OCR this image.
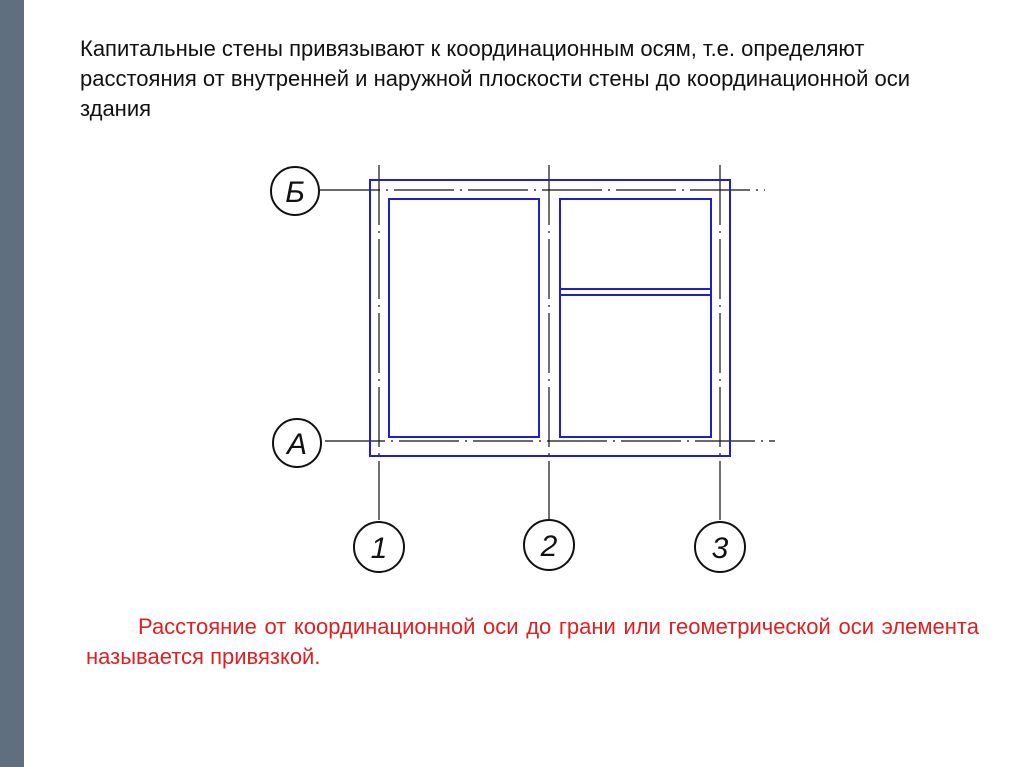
Капитальные стены привязывают к координационным осям, т.е. определяют расстояния от внутренней и наружной плоскости стены до координационной оси здания

Б
А
1	2	3

Расстояние от координационной оси до грани или геометрической оси элемента называется привязкой.
